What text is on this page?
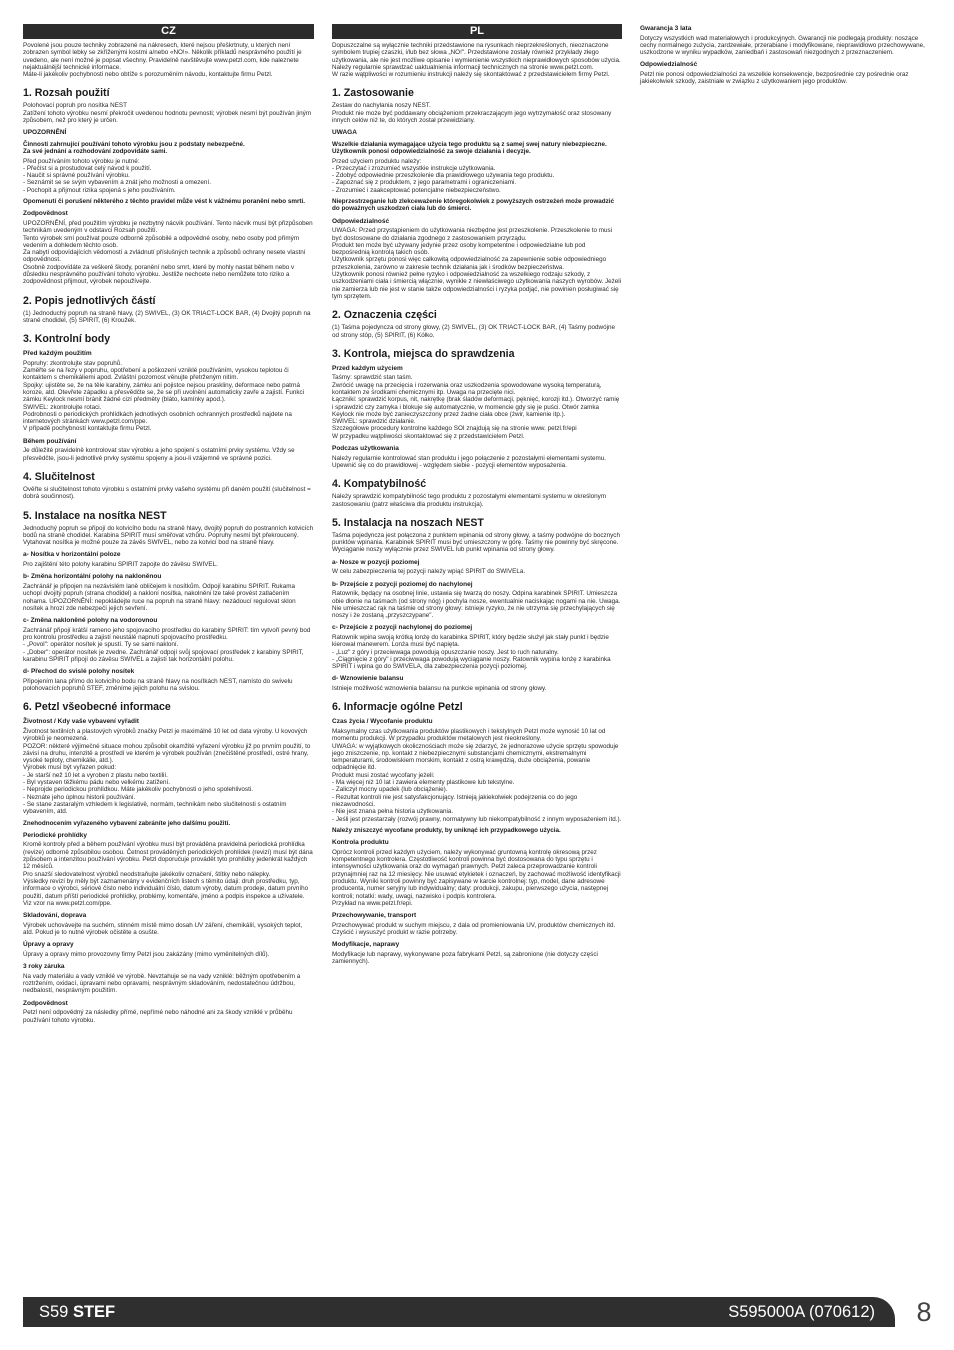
CZ

Povolené jsou pouze techniky zobrazené na nákresech, které nejsou přeškrtnuty, u kterých není zobrazen symbol lebky se zkříženými kostmi a/nebo «NO!». Několik příkladů nesprávného použití je uvedeno, ale není možné je popsat všechny. Pravidelně navštěvujte www.petzl.com, kde naleznete nejaktuálnější technické informace.
Máte-li jakékoliv pochybnosti nebo obtíže s porozuměním návodu, kontaktujte firmu Petzl.

1. Rozsah použití

Polohovací popruh pro nosítka NEST
Zatížení tohoto výrobku nesmí překročit uvedenou hodnotu pevnosti; výrobek nesmí být používán jiným způsobem, než pro který je určen.

UPOZORNĚNÍ

Činnosti zahrnující používání tohoto výrobku jsou z podstaty nebezpečné.
Za své jednání a rozhodování zodpovídáte sami.

Před používáním tohoto výrobku je nutné:
- Přečíst si a prostudovat celý návod k použití.
- Naučit si správné používání výrobku.
- Seznámit se se svým vybavením a znát jeho možnosti a omezení.
- Pochopit a přijmout rizika spojená s jeho používáním.

Opomenutí či porušení některého z těchto pravidel může vést k vážnému poranění nebo smrti.

Zodpovědnost

UPOZORNĚNÍ, před použitím výrobku je nezbytný nácvik používání. Tento nácvik musí být přizpůsoben technikám uvedeným v odstavci Rozsah použití.
Tento výrobek smí používat pouze odborně způsobilé a odpovědné osoby, nebo osoby pod přímým vedením a dohledem těchto osob.
Za nabytí odpovídajících vědomostí a zvládnutí příslušných technik a způsobů ochrany nesete vlastní odpovědnost.
Osobně zodpovídáte za veškeré škody, poranění nebo smrt, které by mohly nastat během nebo v důsledku nesprávného používání tohoto výrobku. Jestliže nechcete nebo nemůžete toto riziko a zodpovědnost přijmout, výrobek nepoužívejte.

2. Popis jednotlivých částí

(1) Jednoduchý popruh na straně hlavy, (2) SWIVEL, (3) OK TRIACT-LOCK BAR, (4) Dvojitý popruh na straně chodidel, (5) SPIRIT, (6) Kroužek.

3. Kontrolní body
Před každým použitím

Popruhy: zkontrolujte stav popruhů.
Zaměřte se na řezy v popruhu, opotřebení a poškození vzniklé používáním, vysokou teplotou či kontaktem s chemikáliemi apod. Zvláštní pozornost věnujte přetrženým nitím.
Spojky: ujistěte se, že na těle karabiny, zámku ani pojistce nejsou praskliny, deformace nebo patrná koroze, atd. Otevřete západku a přesvědčte se, že se při uvolnění automaticky zavře a zajistí. Funkci zámku Keylock nesmí bránit žádné cizí předměty (bláto, kamínky apod.).
SWIVEL: zkontrolujte rotaci.
Podrobnosti o periodických prohlídkách jednotlivých osobních ochranných prostředků najdete na internetových stránkách www.petzl.com/ppe.
V případě pochybností kontaktujte firmu Petzl.

Během používání

Je důležité pravidelně kontrolovat stav výrobku a jeho spojení s ostatními prvky systému. Vždy se přesvědčte, jsou-li jednotlivé prvky systému spojeny a jsou-li vzájemně ve správné pozici.

4. Slučitelnost

Ověřte si slučitelnost tohoto výrobku s ostatními prvky vašeho systému při daném použití (slučitelnost = dobrá součinnost).

5. Instalace na nosítka NEST

Jednoduchý popruh se připojí do kotvicího bodu na straně hlavy, dvojitý popruh do postranních kotvicích bodů na straně chodidel. Karabina SPIRIT musí směřovat vzhůru. Popruhy nesmí být překroucený.
Vytahovat nosítka je možné pouze za závěs SWIVEL, nebo za kotvicí bod na straně hlavy.

a- Nosítka v horizontální poloze

Pro zajištění této polohy karabinu SPIRIT zapojte do závěsu SWIVEL.

b- Změna horizontální polohy na nakloněnou

Zachránář je připojen na nezávislém laně obličejem k nosítkům. Odpojí karabinu SPIRIT. Rukama uchopí dvojitý popruh (strana chodidel) a nakloní nosítka, nakolněni lze také provést zatlačením nohama. UPOZORNĚNÍ: nepokládejte ruce na popruh na straně hlavy: nezádoucí regulovat sklon nosítek a hrozí zde nebezpečí jejich sevření.

c- Změna nakloněné polohy na vodorovnou

Zachránář připojí krátší rameno jeho spojovacího prostředku do karabiny SPIRIT: tím vytvoří pevný bod pro kontrolu prostředku a zajistí neustálé napnutí spojovacího prostředku.
- „Povol": operátor nosítek je spustí. Ty se sami nakloní.
- „Dober": operátor nosítek je zvedne. Zachránář odpojí svůj spojovací prostředek z karabiny SPIRIT, karabinu SPIRIT připojí do závěsu SWIVEL a zajistí tak horizontální polohu.

d- Přechod do svislé polohy nosítek

Připojením lana přímo do kotvicího bodu na straně hlavy na nosítkách NEST, namísto do swivelu polohovacích popruhů STEF, změníme jejich polohu na svislou.

6. Petzl všeobecné informace
Životnost / Kdy vaše vybavení vyřadit

Životnost textilních a plastových výrobků značky Petzl je maximálně 10 let od data výroby. U kovových výrobků je neomezená.
POZOR: některé výjimečné situace mohou způsobit okamžité vyřazení výrobku již po prvním použití, to závisí na druhu, intenzitě a prostředí ve kterém je výrobek používán (znečištěné prostředí, ostré hrany, vysoké teploty, chemikálie, atd.).
Výrobek musí být vyřazen pokud:
- Je starší než 10 let a vyroben z plastu nebo textilií.
- Byl vystaven těžkému pádu nebo velkému zatížení.
- Neprojde periodickou prohlídkou. Máte jakékoliv pochybnosti o jeho spolehlivosti.
- Neznáte jeho úplnou historii používání.
- Se stane zastaralým vzhledem k legislativě, normám, technikám nebo slučitelnosti s ostatním vybavením, atd.

Znehodnocením vyřazeného vybavení zabráníte jeho dalšímu použití.

Periodické prohlídky

Kromě kontroly před a během používání výrobku musí být prováděna pravidelná periodická prohlídka (revize) odborně způsobilou osobou. Četnost prováděných periodických prohlídek (revizí) musí být dána způsobem a intenzitou používání výrobku. Petzl doporučuje provádět tyto prohlídky jedenkrát každých 12 měsíců.
Pro snazší sledovatelnost výrobků neodstraňujte jakékoliv označení, štítky nebo nálepky.
Výsledky revizí by měly být zaznamenány v evidenčních listech s těmito údaji: druh prostředku, typ, informace o výrobci, sériové číslo nebo individuální číslo, datum výroby, datum prodeje, datum prvního použití, datum příští periodické prohlídky, problémy, komentáře, jméno a podpis inspekce a užívatele.
Viz vzor na www.petzl.com/ppe.

Skladování, doprava

Výrobek uchovávejte na suchém, stinném místě mimo dosah UV záření, chemikálií, vysokých teplot, atd. Pokud je to nutné výrobek očistěte a osušte.

Úpravy a opravy

Úpravy a opravy mimo provozovny firmy Petzl jsou zakázány (mimo vyměnitelných dílů).

3 roky záruka

Na vady materiálu a vady vzniklé ve výrobě. Nevztahuje se na vady vzniklé: běžným opotřebením a roztržením, oxidací, úpravami nebo opravami, nesprávným skladováním, nedostatečnou údržbou, nedbalostí, nesprávným použitím.

Zodpovědnost

Petzl není odpovědný za následky přímé, nepřímé nebo náhodné ani za škody vzniklé v průběhu používání tohoto výrobku.

PL

Dopuszczalne są wyłącznie techniki przedstawione na rysunkach nieprzekreślonych, nieoznaczone symbolem trupiej czaszki, i/lub bez słowa „NO!". Przedstawione zostały również przykłady złego użytkowania, ale nie jest możliwe opisanie i wymienienie wszystkich nieprawidłowych sposobów użycia. Należy regularnie sprawdzać uaktualnienia informacji technicznych na stronie www.petzl.com.
W razie wątpliwości w rozumieniu instrukcji należy się skontaktować z przedstawicielem firmy Petzl.

1. Zastosowanie

Zestaw do nachylania noszy NEST.
Produkt nie może być poddawany obciążeniom przekraczającym jego wytrzymałość oraz stosowany innych celów niż te, do których został przewidziany.

UWAGA

Wszelkie działania wymagające użycia tego produktu są z samej swej natury niebezpieczne.
Użytkownik ponosi odpowiedzialność za swoje działania i decyzje.

Przed użyciem produktu należy:
- Przeczytać i zrozumieć wszystkie instrukcje użytkowania.
- Zdobyć odpowiednie przeszkolenie dla prawidłowego używania tego produktu.
- Zapoznać się z produktem, z jego parametrami i ograniczeniami.
- Zrozumieć i zaakceptować potencjalne niebezpieczeństwo.

Nieprzestrzeganie lub zlekceważenie któregokolwiek z powyższych ostrzeżeń może prowadzić do poważnych uszkodzeń ciała lub do śmierci.

Odpowiedzialność

UWAGA: Przed przystąpieniem do użytkowania niezbędne jest przeszkolenie. Przeszkolenie to musi być dostosowane do działania zgodnego z zastosowaniem przyrządu.
Produkt ten może być używany jedynie przez osoby kompetentne i odpowiedzialne lub pod bezpośrednią kontrolą takich osób.
Użytkownik sprzętu ponosi więc całkowitą odpowiedzialność za zapewnienie sobie odpowiedniego przeszkolenia, zarówno w zakresie technik działania jak i środków bezpieczeństwa.
Użytkownik ponosi również pełne ryzyko i odpowiedzialność za wszelkiego rodzaju szkody, z uszkodzeniami ciała i śmiercią włącznie, wynikłe z niewłaściwego użytkowania naszych wyrobów. Jeżeli nie zamierza lub nie jest w stanie także odpowiedzialności i ryzyka podjąć, nie powinien posługiwać się tym sprzętem.

2. Oznaczenia części

(1) Taśma pojedyncza od strony głowy, (2) SWIVEL, (3) OK TRIACT-LOCK BAR, (4) Taśmy podwójne od strony stóp, (5) SPIRIT, (6) Kółko.

3. Kontrola, miejsca do sprawdzenia
Przed każdym użyciem

Taśmy: sprawdzić stan taśm.
Zwrócić uwagę na przecięcia i rozerwania oraz uszkodzenia spowodowane wysoką temperaturą, kontaktem ze środkami chemicznymi itp. Uwaga na przecięte nici.
Łączniki: sprawdzić korpus, nit, nakrętkę (brak śladów deformacji, pęknięć, korozji itd.). Otworzyć ramię i sprawdzić czy zamyka i blokuje się automatycznie, w momencie gdy się je puści. Otwór zamka Keylock nie może być zanieczyszczony przez żadne ciała obce (żwir, kamienie itp.).
SWIVEL: sprawdzić działanie.
Szczegółowe procedury kontrolne każdego SOI znajdują się na stronie www. petzl.fr/epi
W przypadku wątpliwości skontaktować się z przedstawicielem Petzl.

Podczas użytkowania

Należy regularnie kontrolować stan produktu i jego połączenie z pozostałymi elementami systemu. Upewnić się co do prawidłowej - względem siebie - pozycji elementów wyposażenia.

4. Kompatybilność

Należy sprawdzić kompatybilność tego produktu z pozostałymi elementami systemu w określonym zastosowaniu (patrz właściwa dla produktu instrukcja).

5. Instalacja na noszach NEST

Taśma pojedyncza jest połączona z punktem wpinania od strony głowy, a taśmy podwójne do bocznych punktów wpinania. Karabinek SPIRIT musi być umieszczony w górę. Taśmy nie powinny być skręcone.
Wyciąganie noszy wyłącznie przez SWIVEL lub punkt wpinania od strony głowy.

a- Nosze w pozycji poziomej

W celu zabezpieczenia tej pozycji należy wpiąć SPIRIT do SWIVELa.

b- Przejście z pozycji poziomej do nachylonej

Ratownik, będący na osobnej linie, ustawia się twarzą do noszy. Odpina karabinek SPIRIT. Umieszcza obie dłonie na taśmach (od strony nóg) i pochyla nosze, ewentualnie naciskając nogami na nie. Uwaga. Nie umieszczać rąk na taśmie od strony głowy: istnieje ryzyko, że nie utrzyma się przechylających się noszy i że zostaną „przyszczypane".

c- Przejście z pozycji nachylonej do poziomej

Ratownik wpina swoją krótką lonżę do karabinka SPIRIT, który będzie służył jak stały punkt i będzie kierował manewrem. Lonża musi być napięta.
- „Luz" z góry i przeciwwaga powodują opuszczanie noszy. Jest to ruch naturalny.
- „Ciągnięcie z góry" i przeciwwaga powodują wyciąganie noszy. Ratownik wypina lonżę z karabinka SPIRIT i wpina go do SWIVELA, dla zabezpieczenia pozycji poziomej.

d- Wznowienie balansu

Istnieje możliwość wznowienia balansu na punkcie wpinania od strony głowy.

6. Informacje ogólne Petzl
Czas życia / Wycofanie produktu

Maksymalny czas użytkowania produktów plastikowych i tekstylnych Petzl może wynosić 10 lat od momentu produkcji. W przypadku produktów metalowych jest nieokreślony.
UWAGA: w wyjątkowych okolicznościach może się zdarzyć, że jednorazowe użycie sprzętu spowoduje jego zniszczenie, np. kontakt z niebezpiecznymi substancjami chemicznymi, ekstremalnymi temperaturami, środowiskiem morskim, kontakt z ostrą krawędzią, duże obciążenia, powanie odpadnięcie itd.
Produkt musi zostać wycofany jeżeli:
- Ma więcej niż 10 lat i zawiera elementy plastikowe lub tekstylne.
- Zaliczył mocny upadek (lub obciążenie).
- Rezultat kontroli nie jest satysfakcjonujący. Istnieją jakiekolwiek podejrzenia co do jego niezawodności.
- Nie jest znana pełna historia użytkowania.
- Jeśli jest przestarzały (rozwój prawny, normatywny lub niekompatybilność z innym wyposażeniem itd.).

Należy zniszczyć wycofane produkty, by uniknąć ich przypadkowego użycia.

Kontrola produktu

Oprócz kontroli przed każdym użyciem, należy wykonywać gruntowną kontrolę okresową przez kompetentnego kontrolera. Częstotliwość kontroli powinna być dostosowana do typu sprzętu i intensywności użytkowania oraz do wymagań prawnych. Petzl zaleca przeprowadzanie kontroli przynajmniej raz na 12 miesięcy. Nie usuwać etykietek i oznaczeń, by zachować możliwość identyfikacji produktu. Wyniki kontroli powinny być zapisywane w karcie kontrolnej: typ, model, dane adresowe producenta, numer seryjny lub indywidualny; daty: produkcji, zakupu, pierwszego użycia, następnej kontroli; notatki: wady, uwagi, nazwisko i podpis kontrolera.
Przykład na www.petzl.fr/epi.

Przechowywanie, transport

Przechowywać produkt w suchym miejscu, z dala od promieniowania UV, produktów chemicznych itd. Czyścić i wysuszyć produkt w razie potrzeby.

Modyfikacje, naprawy

Modyfikacje lub naprawy, wykonywane poza fabrykami Petzl, są zabronione (nie dotyczy części zamiennych).

Gwarancja 3 lata

Dotyczy wszystkich wad materiałowych i produkcyjnych. Gwarancji nie podlegają produkty: noszące cechy normalnego zużycia, zardzewiałe, przerabiane i modyfikowane, nieprawidłowo przechowywane, uszkodzone w wyniku wypadków, zaniedbań i zastosowań niezgodnych z przeznaczeniem.

Odpowiedzialność

Petzl nie ponosi odpowiedzialności za wszelkie konsekwencje, bezpośrednie czy pośrednie oraz jakiekolwiek szkody, zaistniałe w związku z użytkowaniem jego produktów.

S59 STEF	S595000A (070612)	8
